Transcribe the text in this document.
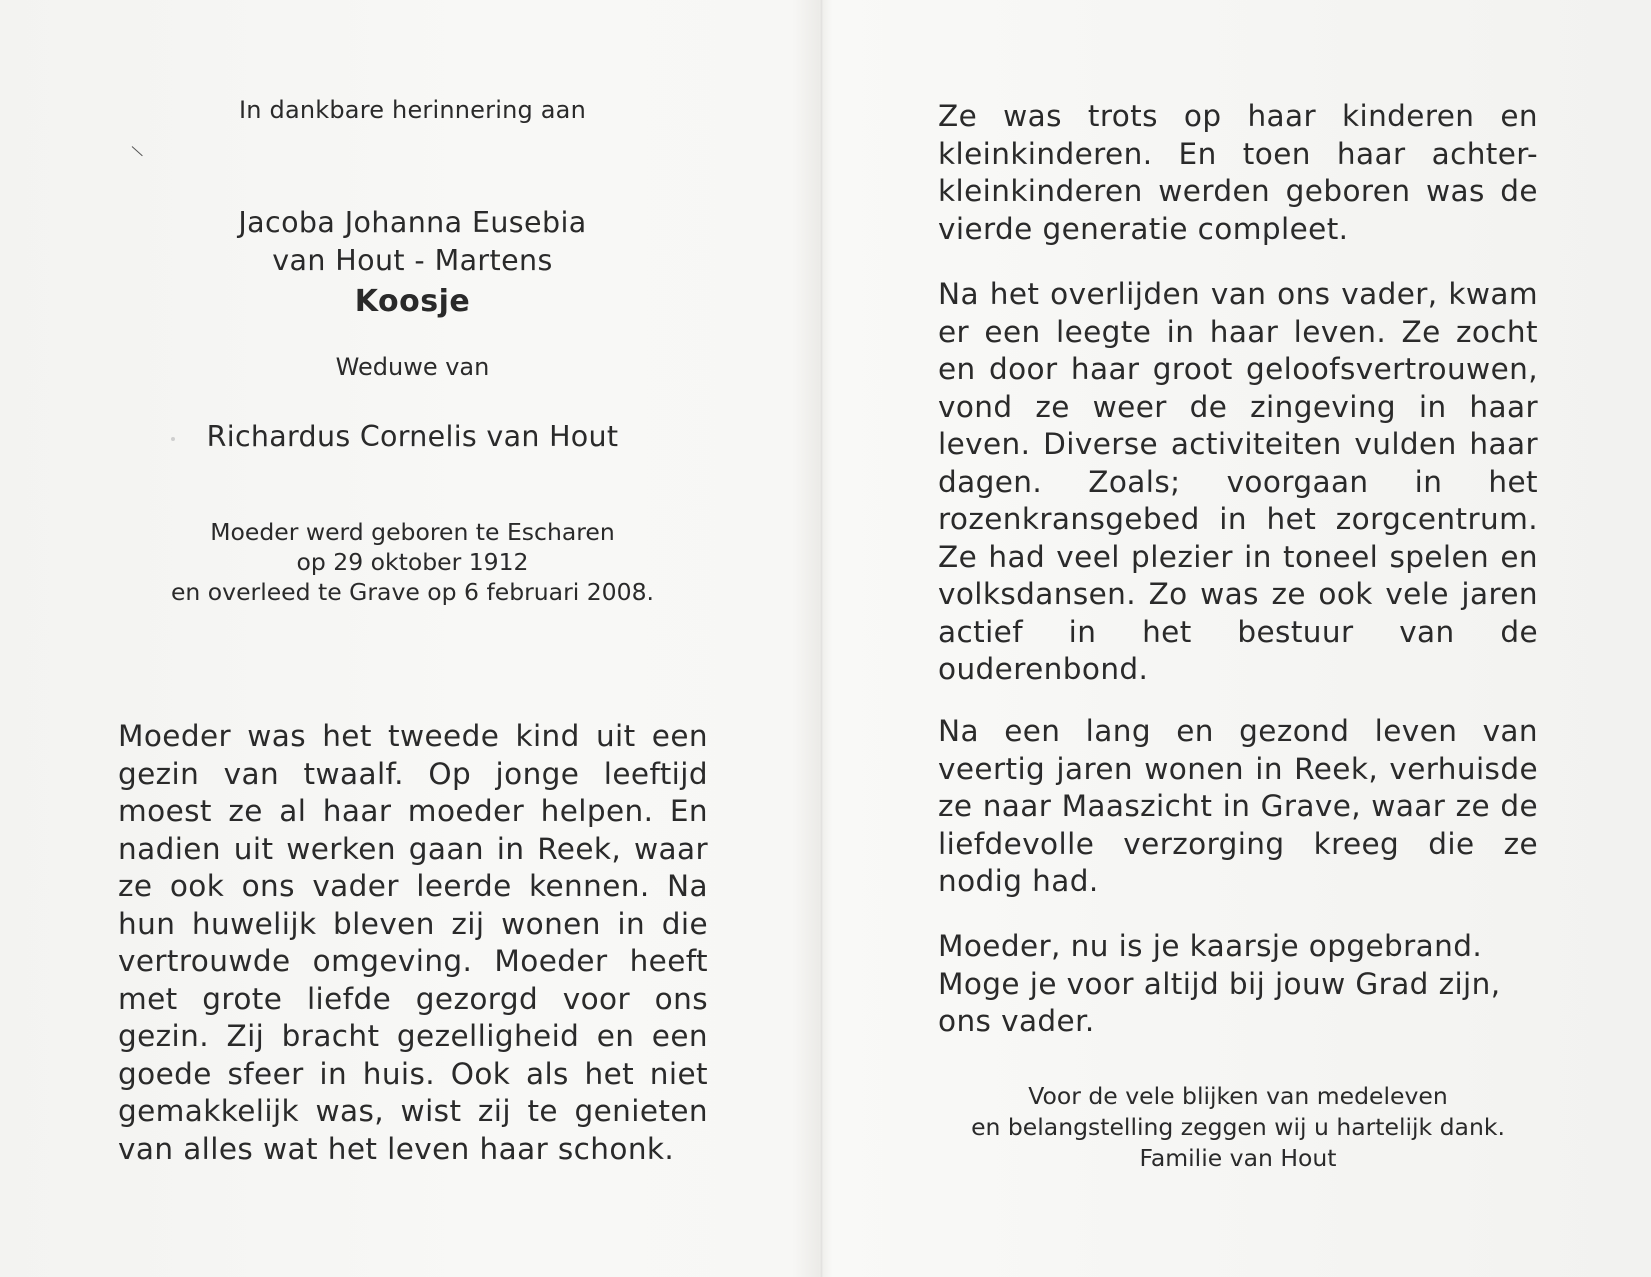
In dankbare herinnering aan
Jacoba Johanna Eusebia
van Hout - Martens
Koosje
Weduwe van
Richardus Cornelis van Hout
Moeder werd geboren te Escharen
op 29 oktober 1912
en overleed te Grave op 6 februari 2008.
Moeder was het tweede kind uit een gezin van twaalf. Op jonge leeftijd moest ze al haar moeder helpen. En nadien uit werken gaan in Reek, waar ze ook ons vader leerde kennen. Na hun huwelijk bleven zij wonen in die vertrouwde omgeving. Moeder heeft met grote liefde gezorgd voor ons gezin. Zij bracht gezelligheid en een goede sfeer in huis. Ook als het niet gemakkelijk was, wist zij te genieten van alles wat het leven haar schonk.
Ze was trots op haar kinderen en kleinkinderen. En toen haar achter-kleinkinderen werden geboren was de vierde generatie compleet.
Na het overlijden van ons vader, kwam er een leegte in haar leven. Ze zocht en door haar groot geloofsvertrouwen, vond ze weer de zingeving in haar leven. Diverse activiteiten vulden haar dagen. Zoals; voorgaan in het rozenkransgebed in het zorgcentrum. Ze had veel plezier in toneel spelen en volksdansen. Zo was ze ook vele jaren actief in het bestuur van de ouderenbond.
Na een lang en gezond leven van veertig jaren wonen in Reek, verhuisde ze naar Maaszicht in Grave, waar ze de liefdevolle verzorging kreeg die ze nodig had.
Moeder, nu is je kaarsje opgebrand.
Moge je voor altijd bij jouw Grad zijn,
ons vader.
Voor de vele blijken van medeleven
en belangstelling zeggen wij u hartelijk dank.
Familie van Hout
